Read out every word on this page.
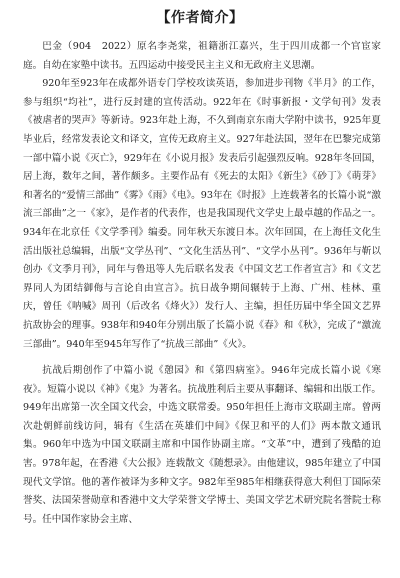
【作者简介】

巴金（904　2022）原名李尧棠，祖籍浙江嘉兴，生于四川成都一个官宦家庭。自幼在家塾中读书。五四运动中接受民主主义和无政府主义思潮。

920年至923年在成都外语专门学校攻读英语，参加进步刊物《半月》的工作，参与组织“均社”，进行反封建的宣传活动。922年在《时事新报・文学旬刊》发表《被虐者的哭声》等新诗。923年赴上海，不久到南京东南大学附中读书，925年夏毕业后，经常发表论文和译文，宣传无政府主义。927年赴法国，翌年在巴黎完成第一部中篇小说《灭亡》，929年在《小说月报》发表后引起强烈反响。928年冬回国，居上海，数年之间，著作颇多。主要作品有《死去的太阳》《新生》《砂丁》《萌芽》和著名的“爱情三部曲”《雾》《雨》《电》。93年在《时报》上连载著名的长篇小说“激流三部曲”之一《家》，是作者的代表作，也是我国现代文学史上最卓越的作品之一。934年在北京任《文学季刊》编委。同年秋天东渡日本。次年回国，在上海任文化生活出版社总编辑，出版“文学丛刊”、“文化生活丛刊”、“文学小丛刊”。936年与靳以创办《文季月刊》，同年与鲁迅等人先后联名发表《中国文艺工作者宣言》和《文艺界同人为团结御侮与言论自由宣言》。抗日战争期间辗转于上海、广州、桂林、重庆，曾任《呐喊》周刊（后改名《烽火》）发行人、主编，担任历届中华全国文艺界抗敌协会的理事。938年和940年分别出版了长篇小说《春》和《秋》，完成了“激流三部曲”。940年至945年写作了“抗战三部曲”《火》。

抗战后期创作了中篇小说《憩园》和《第四病室》。946年完成长篇小说《寒夜》。短篇小说以《神》《鬼》为著名。抗战胜利后主要从事翻译、编辑和出版工作。949年出席第一次全国文代会，中选文联常委。950年担任上海市文联副主席。曾两次赴朝鲜前线访问，辑有《生活在英雄们中间》《保卫和平的人们》两本散文通讯集。960年中选为中国文联副主席和中国作协副主席。“文革”中，遭到了残酷的迫害。978年起，在香港《大公报》连载散文《随想录》。由他建议，985年建立了中国现代文学馆。他的著作被译为多种文字。982年至985年相继获得意大利但丁国际荣誉奖、法国荣誉勋章和香港中文大学荣誉文学博士、美国文学艺术研究院名誉院士称号。任中国作家协会主席、
